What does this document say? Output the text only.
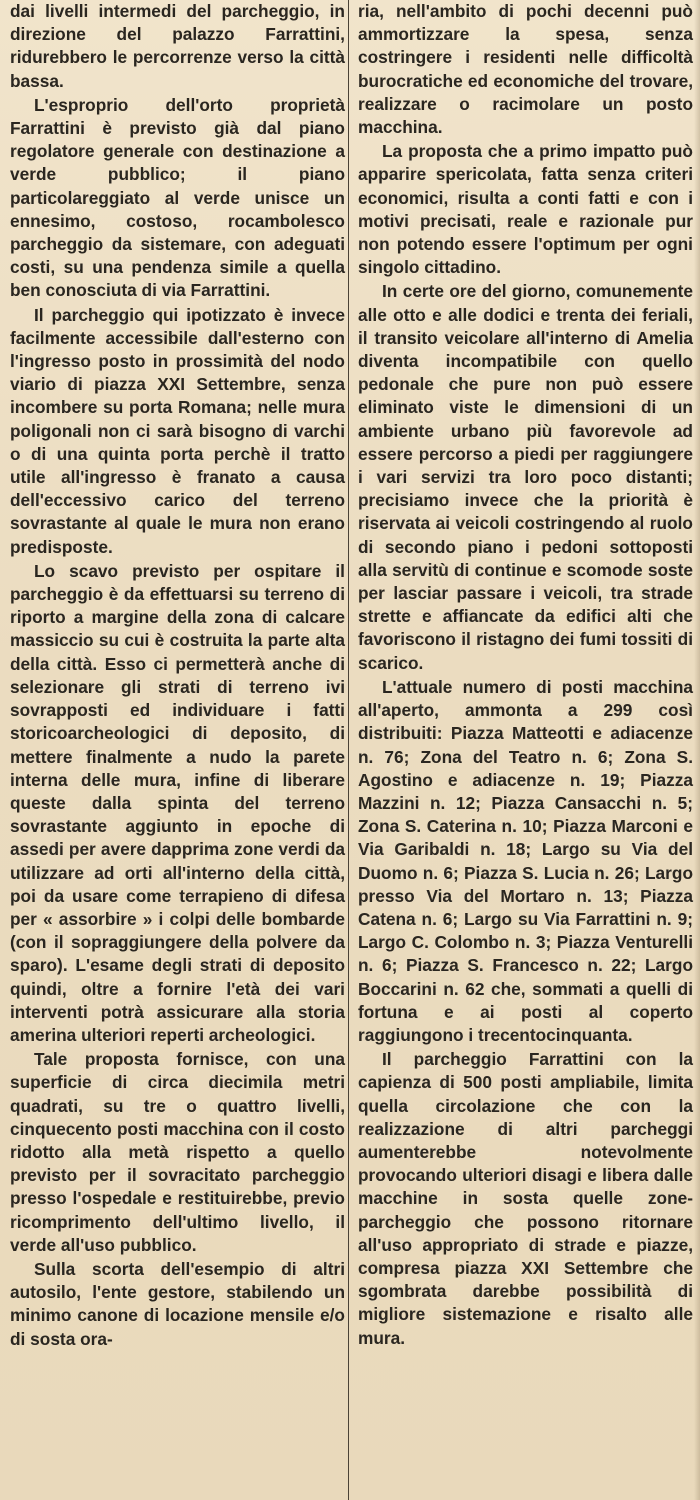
dai livelli intermedi del parcheggio, in direzione del palazzo Farrattini, ridurebbero le percorrenze verso la città bassa.

L'esproprio dell'orto proprietà Farrattini è previsto già dal piano regolatore generale con destinazione a verde pubblico; il piano particolareggiato al verde unisce un ennesimo, costoso, rocambolesco parcheggio da sistemare, con adeguati costi, su una pendenza simile a quella ben conosciuta di via Farrattini.

Il parcheggio qui ipotizzato è invece facilmente accessibile dall'esterno con l'ingresso posto in prossimità del nodo viario di piazza XXI Settembre, senza incombere su porta Romana; nelle mura poligonali non ci sarà bisogno di varchi o di una quinta porta perchè il tratto utile all'ingresso è franato a causa dell'eccessivo carico del terreno sovrastante al quale le mura non erano predisposte.

Lo scavo previsto per ospitare il parcheggio è da effettuarsi su terreno di riporto a margine della zona di calcare massiccio su cui è costruita la parte alta della città. Esso ci permetterà anche di selezionare gli strati di terreno ivi sovrapposti ed individuare i fatti storicoarcheologici di deposito, di mettere finalmente a nudo la parete interna delle mura, infine di liberare queste dalla spinta del terreno sovrastante aggiunto in epoche di assedi per avere dapprima zone verdi da utilizzare ad orti all'interno della città, poi da usare come terrapieno di difesa per « assorbire » i colpi delle bombarde (con il sopraggiungere della polvere da sparo). L'esame degli strati di deposito quindi, oltre a fornire l'età dei vari interventi potrà assicurare alla storia amerina ulteriori reperti archeologici.

Tale proposta fornisce, con una superficie di circa diecimila metri quadrati, su tre o quattro livelli, cinquecento posti macchina con il costo ridotto alla metà rispetto a quello previsto per il sovracitato parcheggio presso l'ospedale e restituirebbe, previo ricomprimento dell'ultimo livello, il verde all'uso pubblico.

Sulla scorta dell'esempio di altri autosilo, l'ente gestore, stabilendo un minimo canone di locazione mensile e/o di sosta ora-

ria, nell'ambito di pochi decenni può ammortizzare la spesa, senza costringere i residenti nelle difficoltà burocratiche ed economiche del trovare, realizzare o racimolare un posto macchina.

La proposta che a primo impatto può apparire spericolata, fatta senza criteri economici, risulta a conti fatti e con i motivi precisati, reale e razionale pur non potendo essere l'optimum per ogni singolo cittadino.

In certe ore del giorno, comunemente alle otto e alle dodici e trenta dei feriali, il transito veicolare all'interno di Amelia diventa incompatibile con quello pedonale che pure non può essere eliminato viste le dimensioni di un ambiente urbano più favorevole ad essere percorso a piedi per raggiungere i vari servizi tra loro poco distanti; precisiamo invece che la priorità è riservata ai veicoli costringendo al ruolo di secondo piano i pedoni sottoposti alla servitù di continue e scomode soste per lasciar passare i veicoli, tra strade strette e affiancate da edifici alti che favoriscono il ristagno dei fumi tossiti di scarico.

L'attuale numero di posti macchina all'aperto, ammonta a 299 così distribuiti: Piazza Matteotti e adiacenze n. 76; Zona del Teatro n. 6; Zona S. Agostino e adiacenze n. 19; Piazza Mazzini n. 12; Piazza Cansacchi n. 5; Zona S. Caterina n. 10; Piazza Marconi e Via Garibaldi n. 18; Largo su Via del Duomo n. 6; Piazza S. Lucia n. 26; Largo presso Via del Mortaro n. 13; Piazza Catena n. 6; Largo su Via Farrattini n. 9; Largo C. Colombo n. 3; Piazza Venturelli n. 6; Piazza S. Francesco n. 22; Largo Boccarini n. 62 che, sommati a quelli di fortuna e ai posti al coperto raggiungono i trecentocinquanta.

Il parcheggio Farrattini con la capienza di 500 posti ampliabile, limita quella circolazione che con la realizzazione di altri parcheggi aumenterebbe notevolmente provocando ulteriori disagi e libera dalle macchine in sosta quelle zone-parcheggio che possono ritornare all'uso appropriato di strade e piazze, compresa piazza XXI Settembre che sgombrata darebbe possibilità di migliore sistemazione e risalto alle mura.
